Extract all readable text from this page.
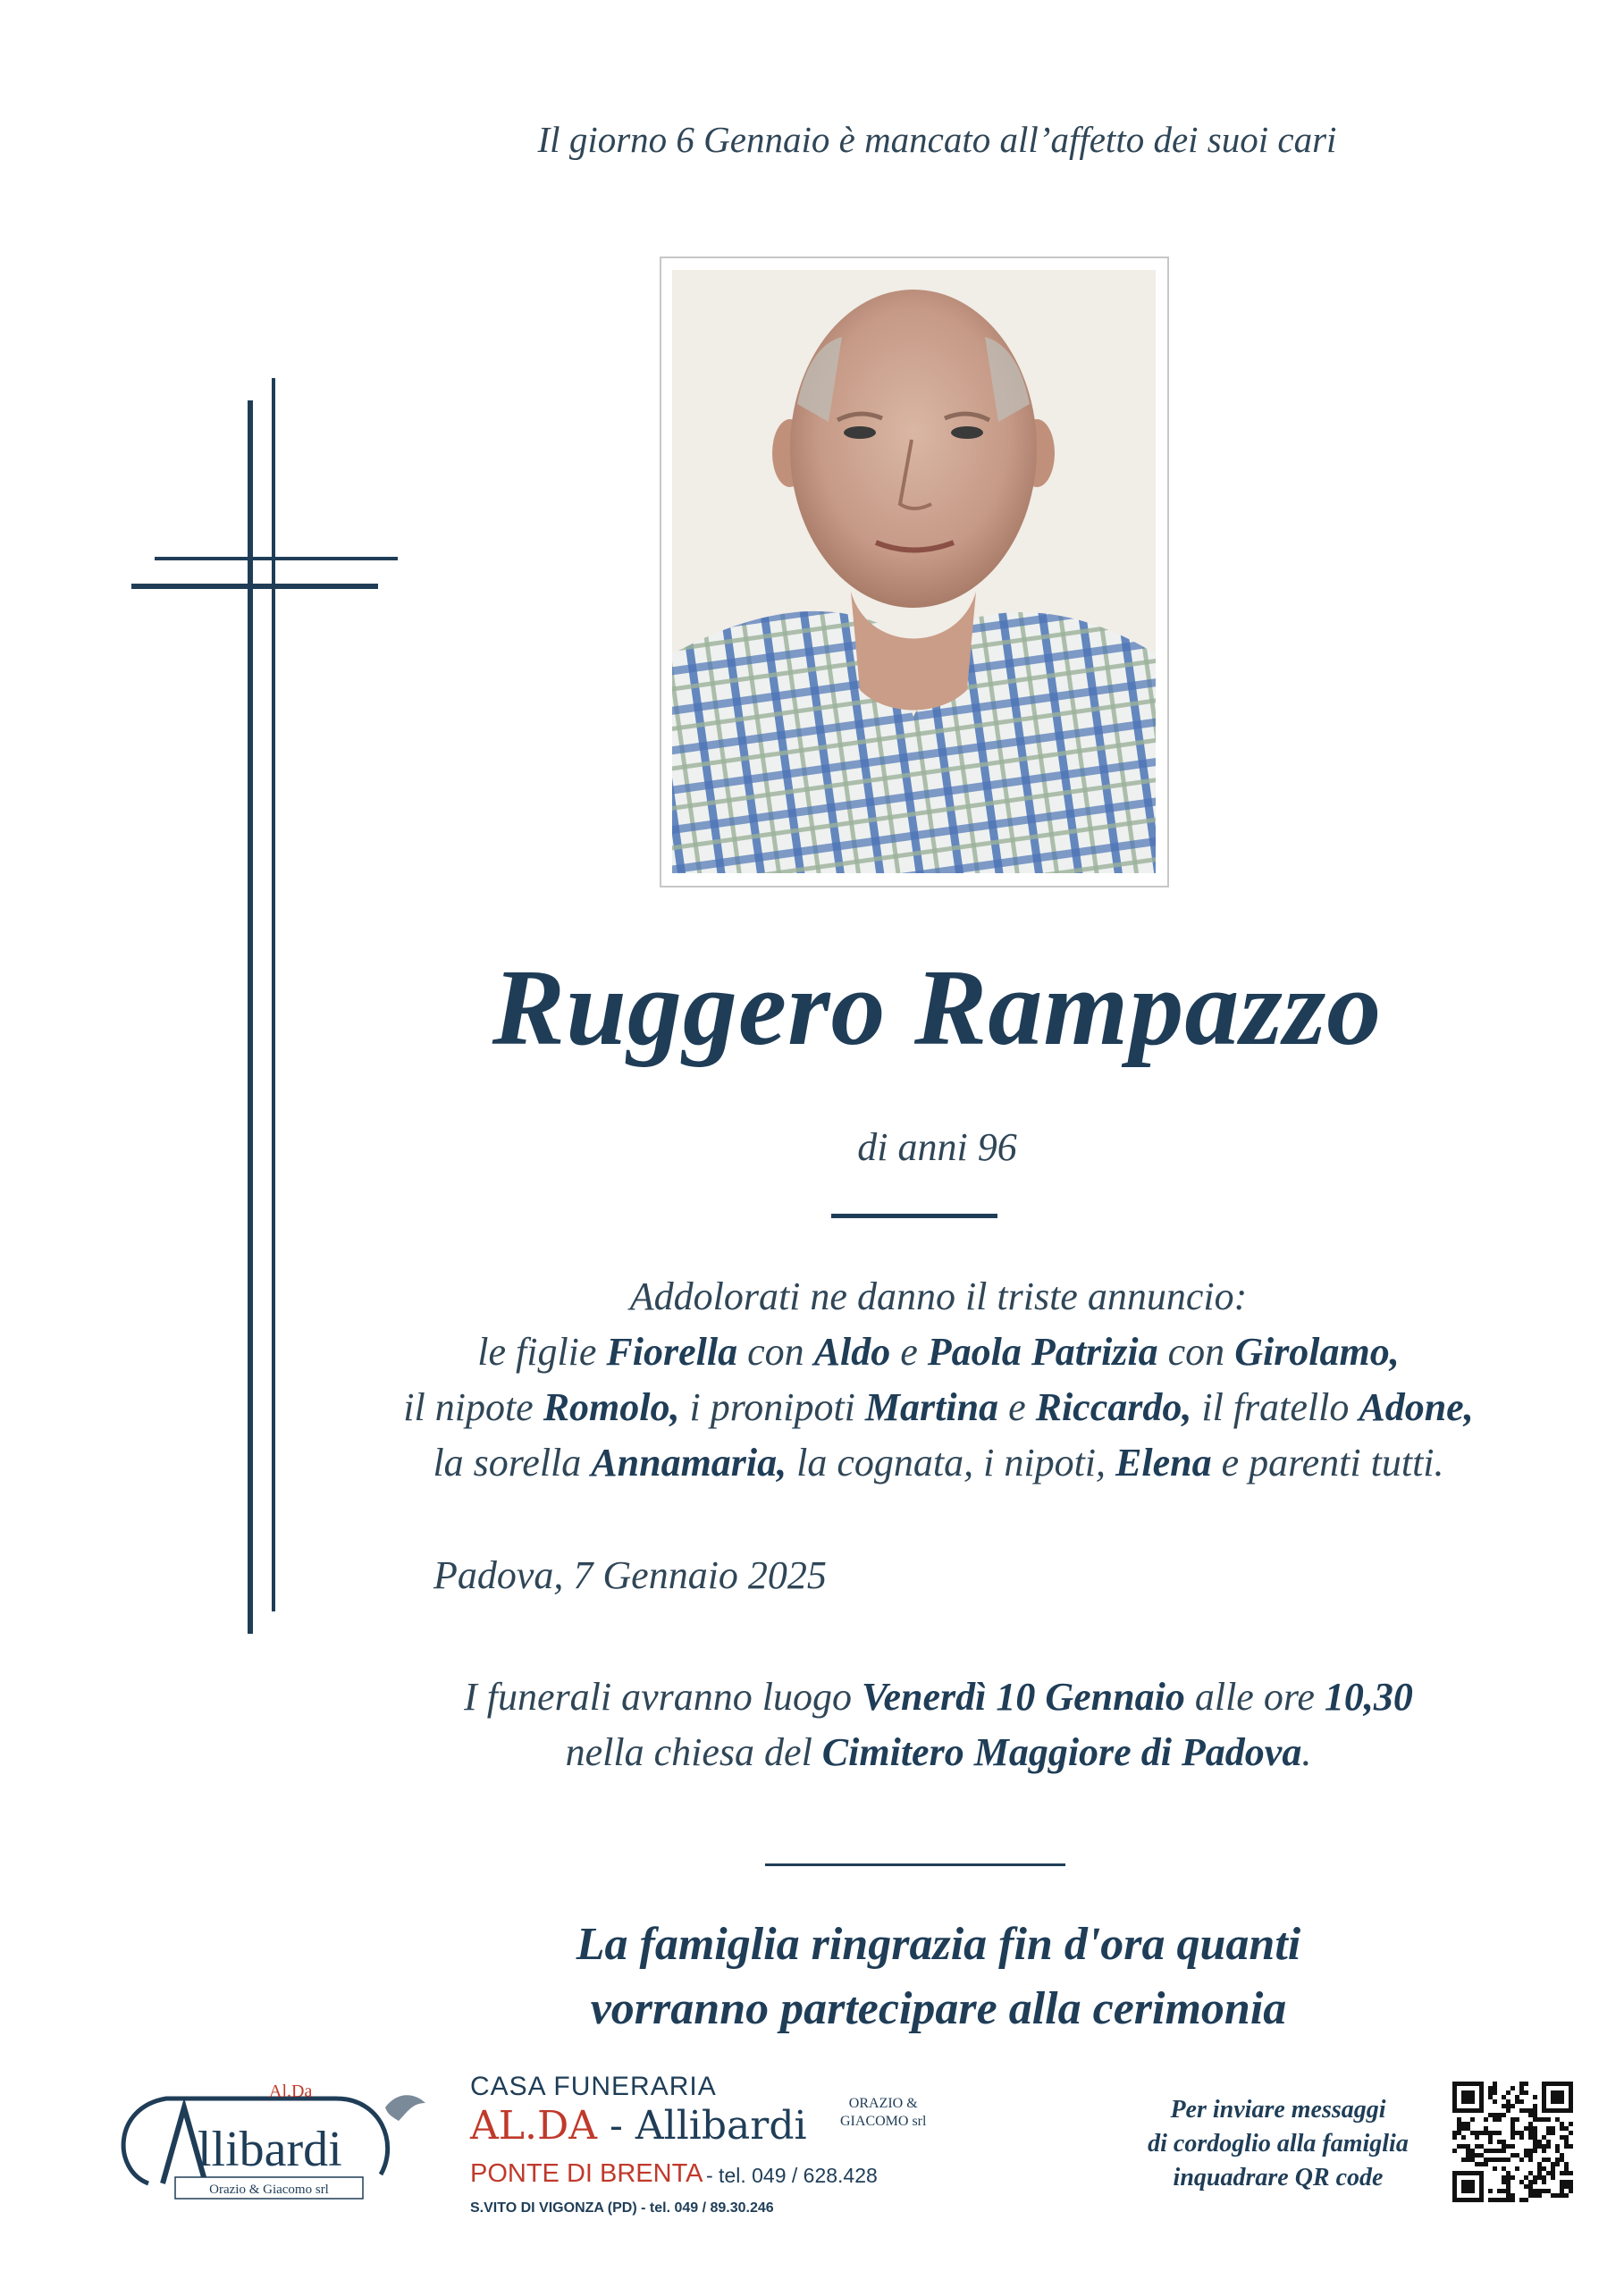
Il giorno 6 Gennaio è mancato all’affetto dei suoi cari
Ruggero Rampazzo
di anni 96
Addolorati ne danno il triste annuncio:
le figlie Fiorella con Aldo e Paola Patrizia con Girolamo,
il nipote Romolo, i pronipoti Martina e Riccardo, il fratello Adone,
la sorella Annamaria, la cognata, i nipoti, Elena e parenti tutti.
Padova, 7 Gennaio 2025
I funerali avranno luogo Venerdì 10 Gennaio alle ore 10,30
nella chiesa del Cimitero Maggiore di Padova.
La famiglia ringrazia fin d'ora quanti
vorranno partecipare alla cerimonia
llibardi
Al.Da
Orazio & Giacomo srl
CASA FUNERARIA
AL.DA - Allibardi	ORAZIO &
GIACOMO srl
PONTE DI BRENTA - tel. 049 / 628.428
S.VITO DI VIGONZA (PD) - tel. 049 / 89.30.246
Per inviare messaggi
di cordoglio alla famiglia
inquadrare QR code
